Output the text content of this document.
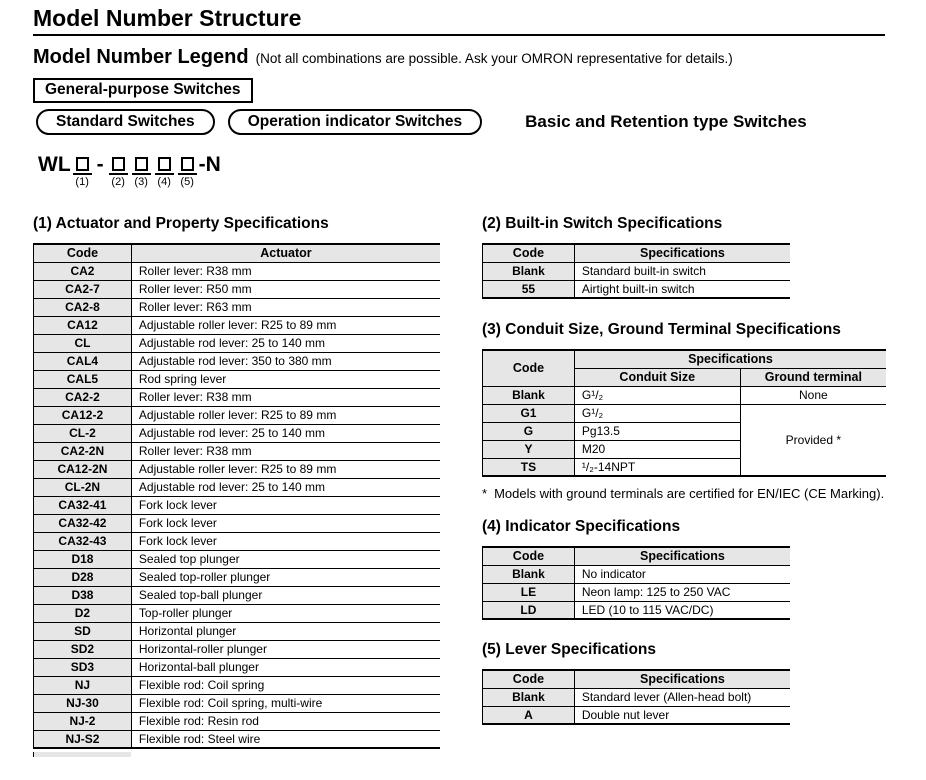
Model Number Structure
Model Number Legend (Not all combinations are possible. Ask your OMRON representative for details.)
General-purpose Switches
Standard Switches	Operation indicator Switches	Basic and Retention type Switches
WL
(1)
-
(2) (3) (4) (5)
-N
(1) Actuator and Property Specifications
Code	Actuator
CA2	Roller lever: R38 mm
CA2-7	Roller lever: R50 mm
CA2-8	Roller lever: R63 mm
CA12	Adjustable roller lever: R25 to 89 mm
CL	Adjustable rod lever: 25 to 140 mm
CAL4	Adjustable rod lever: 350 to 380 mm
CAL5	Rod spring lever
CA2-2	Roller lever: R38 mm
CA12-2	Adjustable roller lever: R25 to 89 mm
CL-2	Adjustable rod lever: 25 to 140 mm
CA2-2N	Roller lever: R38 mm
CA12-2N	Adjustable roller lever: R25 to 89 mm
CL-2N	Adjustable rod lever: 25 to 140 mm
CA32-41	Fork lock lever
CA32-42	Fork lock lever
CA32-43	Fork lock lever
D18	Sealed top plunger
D28	Sealed top-roller plunger
D38	Sealed top-ball plunger
D2	Top-roller plunger
SD	Horizontal plunger
SD2	Horizontal-roller plunger
SD3	Horizontal-ball plunger
NJ	Flexible rod: Coil spring
NJ-30	Flexible rod: Coil spring, multi-wire
NJ-2	Flexible rod: Resin rod
NJ-S2	Flexible rod: Steel wire
(2) Built-in Switch Specifications
Code	Specifications
Blank	Standard built-in switch
55	Airtight built-in switch
(3) Conduit Size, Ground Terminal Specifications
Code	Specifications	
	Conduit Size	Ground terminal
Blank	G¹/₂	None
G1	G¹/₂	Provided *
G	Pg13.5	
Y	M20	
TS	¹/₂-14NPT	
* Models with ground terminals are certified for EN/IEC (CE Marking).
(4) Indicator Specifications
Code	Specifications
Blank	No indicator
LE	Neon lamp: 125 to 250 VAC
LD	LED (10 to 115 VAC/DC)
(5) Lever Specifications
Code	Specifications
Blank	Standard lever (Allen-head bolt)
A	Double nut lever
